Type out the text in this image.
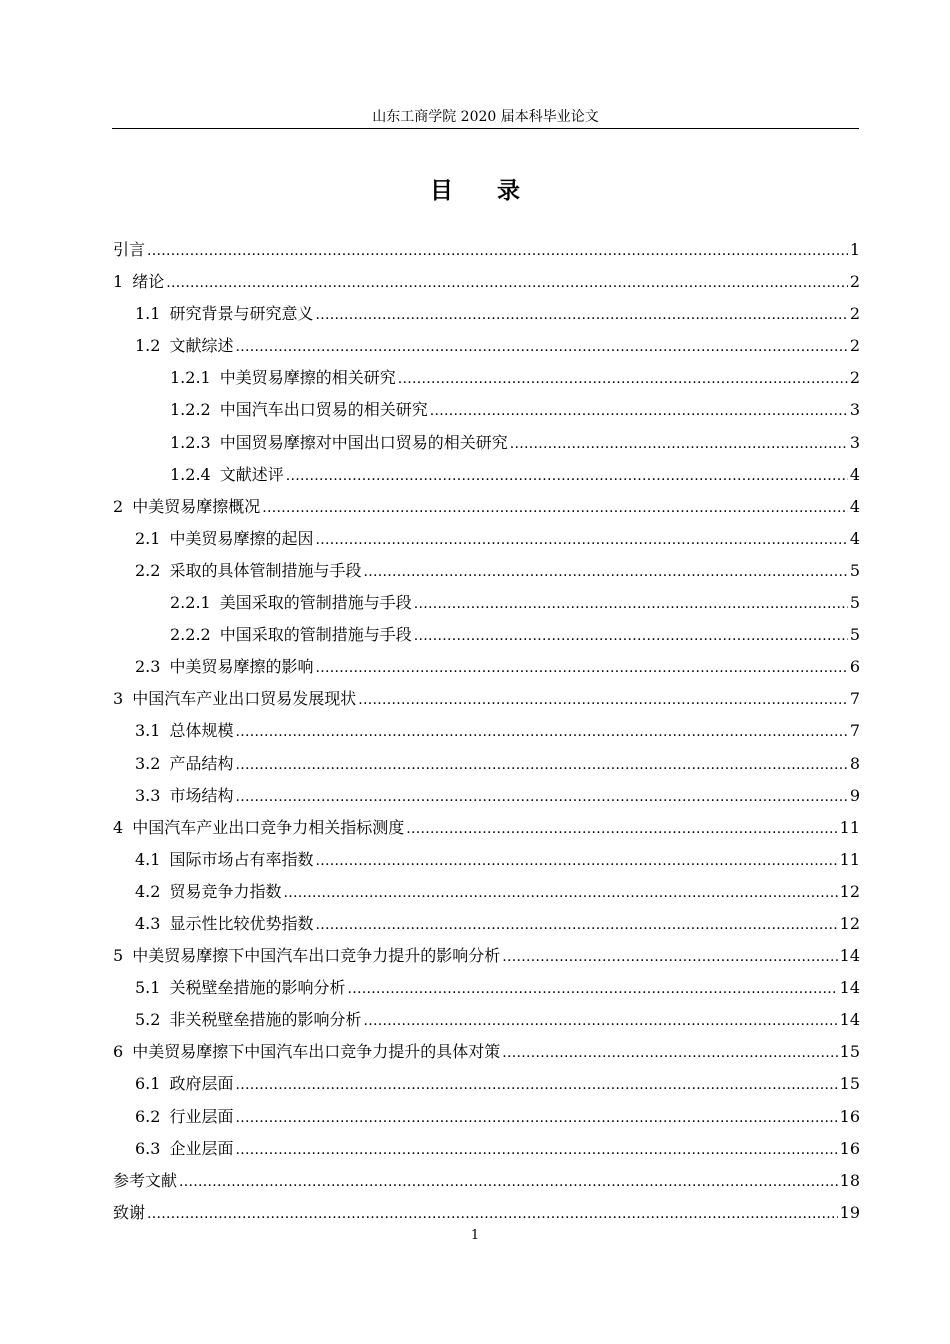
山东工商学院 2020 届本科毕业论文
目 录
引言 .....	1
1 绪论 .....	2
1.1 研究背景与研究意义 .....	2
1.2 文献综述 .....	2
1.2.1 中美贸易摩擦的相关研究 .....	2
1.2.2 中国汽车出口贸易的相关研究 .....	3
1.2.3 中国贸易摩擦对中国出口贸易的相关研究 .....	3
1.2.4 文献述评 .....	4
2 中美贸易摩擦概况 .....	4
2.1 中美贸易摩擦的起因 .....	4
2.2 采取的具体管制措施与手段 .....	5
2.2.1 美国采取的管制措施与手段 .....	5
2.2.2 中国采取的管制措施与手段 .....	5
2.3 中美贸易摩擦的影响 .....	6
3 中国汽车产业出口贸易发展现状 .....	7
3.1 总体规模 .....	7
3.2 产品结构 .....	8
3.3 市场结构 .....	9
4 中国汽车产业出口竞争力相关指标测度 .....	11
4.1 国际市场占有率指数 .....	11
4.2 贸易竞争力指数 .....	12
4.3 显示性比较优势指数 .....	12
5 中美贸易摩擦下中国汽车出口竞争力提升的影响分析 .....	14
5.1 关税壁垒措施的影响分析 .....	14
5.2 非关税壁垒措施的影响分析 .....	14
6 中美贸易摩擦下中国汽车出口竞争力提升的具体对策 .....	15
6.1 政府层面 .....	15
6.2 行业层面 .....	16
6.3 企业层面 .....	16
参考文献 .....	18
致谢 .....	19
1
